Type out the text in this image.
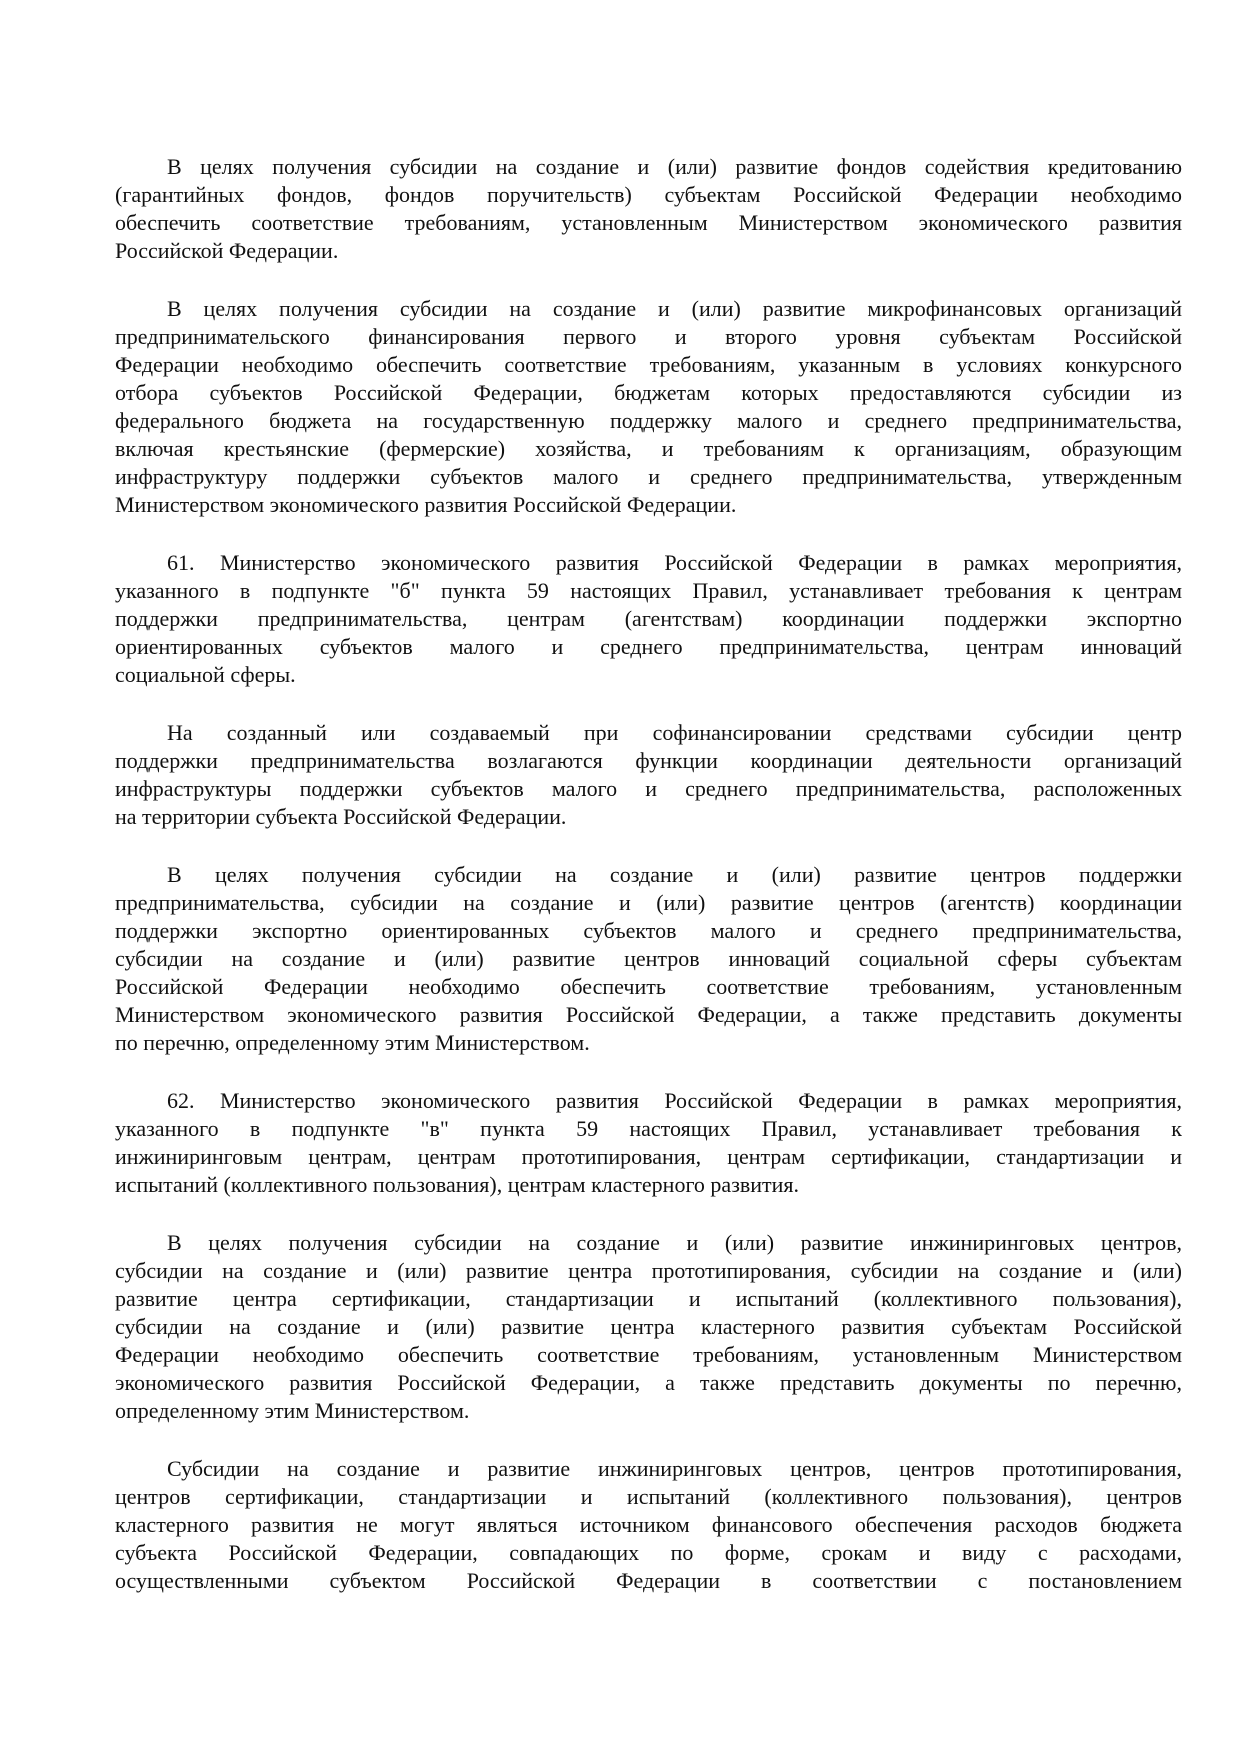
В целях получения субсидии на создание и (или) развитие фондов содействия кредитованию
(гарантийных фондов, фондов поручительств) субъектам Российской Федерации необходимо
обеспечить соответствие требованиям, установленным Министерством экономического развития
Российской Федерации.
В целях получения субсидии на создание и (или) развитие микрофинансовых организаций
предпринимательского финансирования первого и второго уровня субъектам Российской
Федерации необходимо обеспечить соответствие требованиям, указанным в условиях конкурсного
отбора субъектов Российской Федерации, бюджетам которых предоставляются субсидии из
федерального бюджета на государственную поддержку малого и среднего предпринимательства,
включая крестьянские (фермерские) хозяйства, и требованиям к организациям, образующим
инфраструктуру поддержки субъектов малого и среднего предпринимательства, утвержденным
Министерством экономического развития Российской Федерации.
61. Министерство экономического развития Российской Федерации в рамках мероприятия,
указанного в подпункте "б" пункта 59 настоящих Правил, устанавливает требования к центрам
поддержки предпринимательства, центрам (агентствам) координации поддержки экспортно
ориентированных субъектов малого и среднего предпринимательства, центрам инноваций
социальной сферы.
На созданный или создаваемый при софинансировании средствами субсидии центр
поддержки предпринимательства возлагаются функции координации деятельности организаций
инфраструктуры поддержки субъектов малого и среднего предпринимательства, расположенных
на территории субъекта Российской Федерации.
В целях получения субсидии на создание и (или) развитие центров поддержки
предпринимательства, субсидии на создание и (или) развитие центров (агентств) координации
поддержки экспортно ориентированных субъектов малого и среднего предпринимательства,
субсидии на создание и (или) развитие центров инноваций социальной сферы субъектам
Российской Федерации необходимо обеспечить соответствие требованиям, установленным
Министерством экономического развития Российской Федерации, а также представить документы
по перечню, определенному этим Министерством.
62. Министерство экономического развития Российской Федерации в рамках мероприятия,
указанного в подпункте "в" пункта 59 настоящих Правил, устанавливает требования к
инжиниринговым центрам, центрам прототипирования, центрам сертификации, стандартизации и
испытаний (коллективного пользования), центрам кластерного развития.
В целях получения субсидии на создание и (или) развитие инжиниринговых центров,
субсидии на создание и (или) развитие центра прототипирования, субсидии на создание и (или)
развитие центра сертификации, стандартизации и испытаний (коллективного пользования),
субсидии на создание и (или) развитие центра кластерного развития субъектам Российской
Федерации необходимо обеспечить соответствие требованиям, установленным Министерством
экономического развития Российской Федерации, а также представить документы по перечню,
определенному этим Министерством.
Субсидии на создание и развитие инжиниринговых центров, центров прототипирования,
центров сертификации, стандартизации и испытаний (коллективного пользования), центров
кластерного развития не могут являться источником финансового обеспечения расходов бюджета
субъекта Российской Федерации, совпадающих по форме, срокам и виду с расходами,
осуществленными субъектом Российской Федерации в соответствии с постановлением
